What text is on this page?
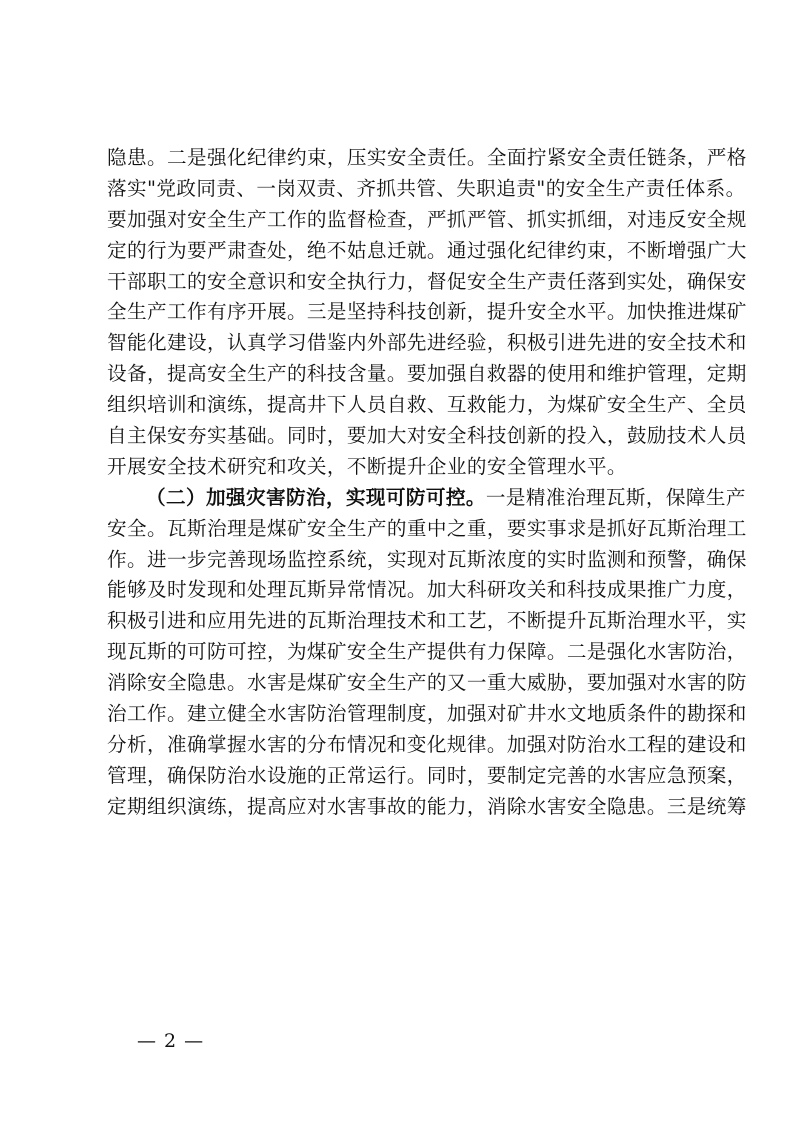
隐患。二是强化纪律约束，压实安全责任。全面拧紧安全责任链条，严格
落实"党政同责、一岗双责、齐抓共管、失职追责"的安全生产责任体系。
要加强对安全生产工作的监督检查，严抓严管、抓实抓细，对违反安全规
定的行为要严肃查处，绝不姑息迁就。通过强化纪律约束，不断增强广大
干部职工的安全意识和安全执行力，督促安全生产责任落到实处，确保安
全生产工作有序开展。三是坚持科技创新，提升安全水平。加快推进煤矿
智能化建设，认真学习借鉴内外部先进经验，积极引进先进的安全技术和
设备，提高安全生产的科技含量。要加强自救器的使用和维护管理，定期
组织培训和演练，提高井下人员自救、互救能力，为煤矿安全生产、全员
自主保安夯实基础。同时，要加大对安全科技创新的投入，鼓励技术人员
开展安全技术研究和攻关，不断提升企业的安全管理水平。
（二）加强灾害防治，实现可防可控。一是精准治理瓦斯，保障生产
安全。瓦斯治理是煤矿安全生产的重中之重，要实事求是抓好瓦斯治理工
作。进一步完善现场监控系统，实现对瓦斯浓度的实时监测和预警，确保
能够及时发现和处理瓦斯异常情况。加大科研攻关和科技成果推广力度，
积极引进和应用先进的瓦斯治理技术和工艺，不断提升瓦斯治理水平，实
现瓦斯的可防可控，为煤矿安全生产提供有力保障。二是强化水害防治，
消除安全隐患。水害是煤矿安全生产的又一重大威胁，要加强对水害的防
治工作。建立健全水害防治管理制度，加强对矿井水文地质条件的勘探和
分析，准确掌握水害的分布情况和变化规律。加强对防治水工程的建设和
管理，确保防治水设施的正常运行。同时，要制定完善的水害应急预案，
定期组织演练，提高应对水害事故的能力，消除水害安全隐患。三是统筹
— 2 —
